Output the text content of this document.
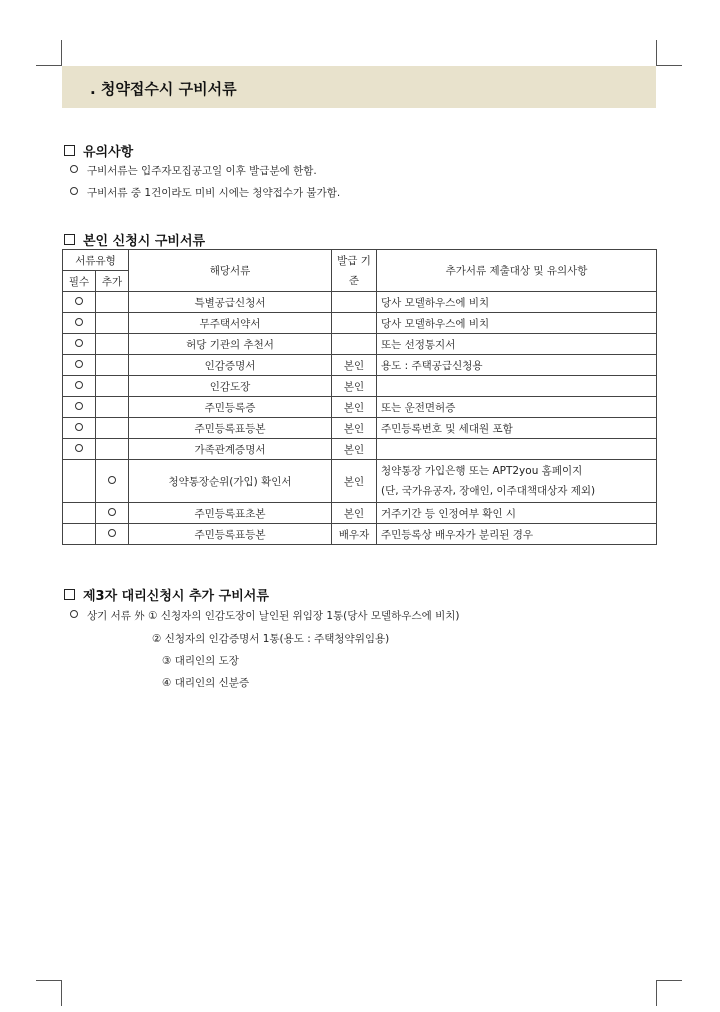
. 청약접수시 구비서류
유의사항
구비서류는 입주자모집공고일 이후 발급분에 한함.
구비서류 중 1건이라도 미비 시에는 청약접수가 불가함.
본인 신청시 구비서류
서류유형		해당서류	발급 기준	추가서류 제출대상 및 유의사항
필수	추가			
		특별공급신청서		당사 모델하우스에 비치
		무주택서약서		당사 모델하우스에 비치
		허당 기관의 추천서		또는 선정통지서
		인감증명서	본인	용도 : 주택공급신청용
		인감도장	본인	
		주민등록증	본인	또는 운전면허증
		주민등록표등본	본인	주민등록번호 및 세대원 포함
		가족관계증명서	본인	
		청약통장순위(가입) 확인서	본인	청약통장 가입은행 또는 APT2you 홈페이지
(단, 국가유공자, 장애인, 이주대책대상자 제외)

		주민등록표초본	본인	거주기간 등 인정여부 확인 시
		주민등록표등본	배우자	주민등록상 배우자가 분리된 경우
제3자 대리신청시 추가 구비서류
상기 서류 外 ① 신청자의 인감도장이 날인된 위임장 1통(당사 모델하우스에 비치)
② 신청자의 인감증명서 1통(용도 : 주택청약위임용)
③ 대리인의 도장
④ 대리인의 신분증
